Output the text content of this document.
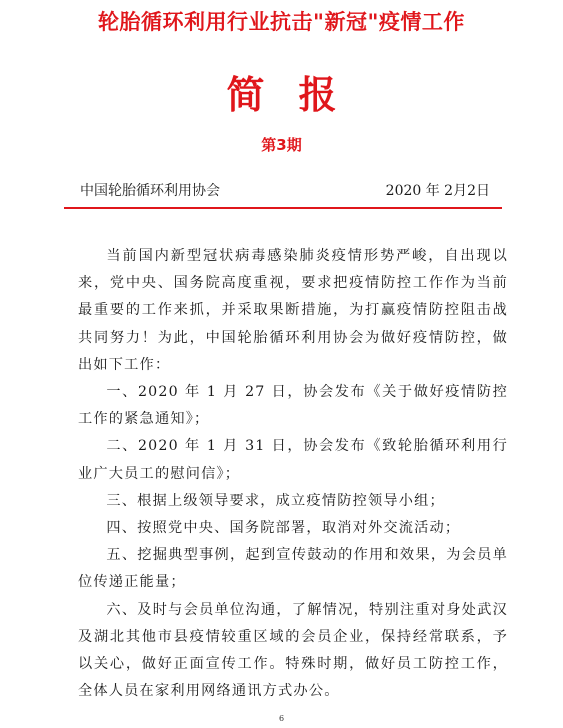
轮胎循环利用行业抗击"新冠"疫情工作
简报
第3期
中国轮胎循环利用协会	2020 年 2月2日

当前国内新型冠状病毒感染肺炎疫情形势严峻，自出现以来，党中央、国务院高度重视，要求把疫情防控工作作为当前最重要的工作来抓，并采取果断措施，为打赢疫情防控阻击战共同努力！为此，中国轮胎循环利用协会为做好疫情防控，做出如下工作：

一、2020 年 1 月 27 日，协会发布《关于做好疫情防控工作的紧急通知》；

二、2020 年 1 月 31 日，协会发布《致轮胎循环利用行业广大员工的慰问信》；

三、根据上级领导要求，成立疫情防控领导小组；

四、按照党中央、国务院部署，取消对外交流活动；

五、挖掘典型事例，起到宣传鼓动的作用和效果，为会员单位传递正能量；

六、及时与会员单位沟通，了解情况，特别注重对身处武汉及湖北其他市县疫情较重区域的会员企业，保持经常联系，予以关心，做好正面宣传工作。特殊时期，做好员工防控工作，全体人员在家利用网络通讯方式办公。

6
